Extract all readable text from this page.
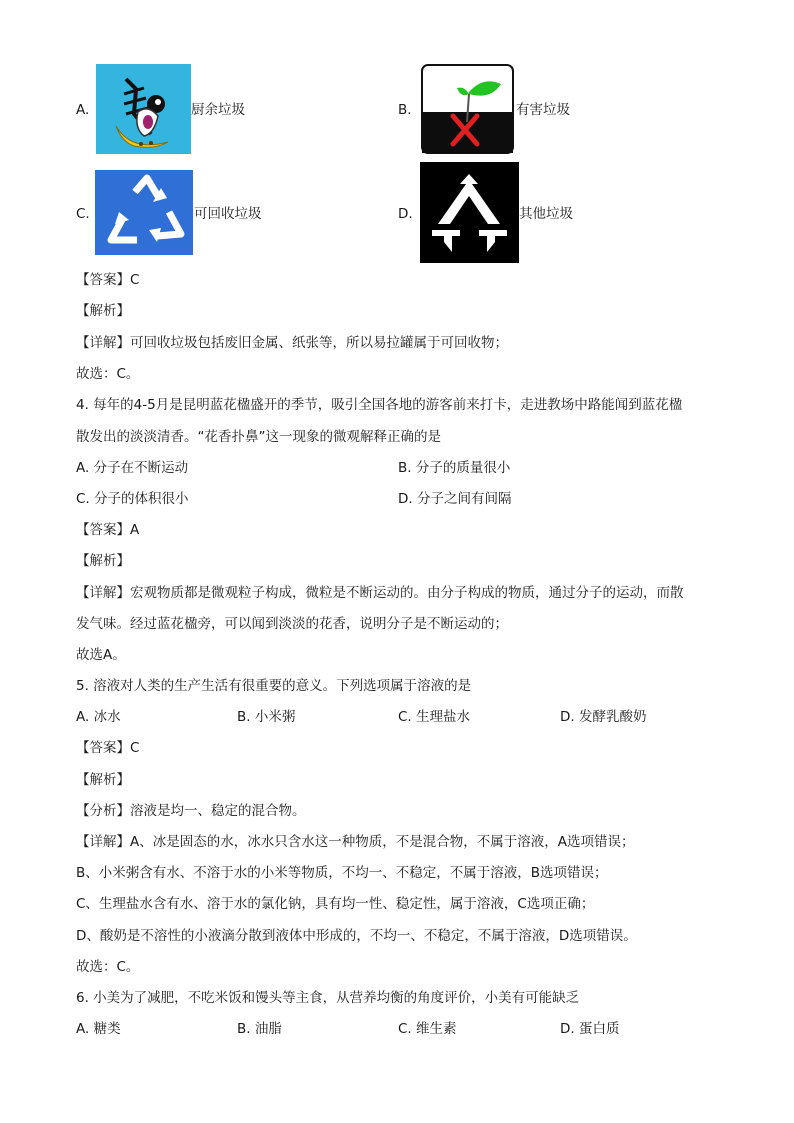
A.	厨余垃圾	B.	有害垃圾
C.	可回收垃圾	D.	其他垃圾
【答案】C
【解析】
【详解】可回收垃圾包括废旧金属、纸张等，所以易拉罐属于可回收物；
故选：C。
4. 每年的4-5月是昆明蓝花楹盛开的季节，吸引全国各地的游客前来打卡，走进教场中路能闻到蓝花楹
散发出的淡淡清香。“花香扑鼻”这一现象的微观解释正确的是
A. 分子在不断运动	B. 分子的质量很小
C. 分子的体积很小	D. 分子之间有间隔
【答案】A
【解析】
【详解】宏观物质都是微观粒子构成，微粒是不断运动的。由分子构成的物质，通过分子的运动，而散
发气味。经过蓝花楹旁，可以闻到淡淡的花香，说明分子是不断运动的；
故选A。
5. 溶液对人类的生产生活有很重要的意义。下列选项属于溶液的是
A. 冰水	B. 小米粥	C. 生理盐水	D. 发酵乳酸奶
【答案】C
【解析】
【分析】溶液是均一、稳定的混合物。
【详解】A、冰是固态的水，冰水只含水这一种物质，不是混合物，不属于溶液，A选项错误；
B、小米粥含有水、不溶于水的小米等物质，不均一、不稳定，不属于溶液，B选项错误；
C、生理盐水含有水、溶于水的氯化钠，具有均一性、稳定性，属于溶液，C选项正确；
D、酸奶是不溶性的小液滴分散到液体中形成的，不均一、不稳定，不属于溶液，D选项错误。
故选：C。
6. 小美为了减肥，不吃米饭和馒头等主食，从营养均衡的角度评价，小美有可能缺乏
A. 糖类	B. 油脂	C. 维生素	D. 蛋白质
